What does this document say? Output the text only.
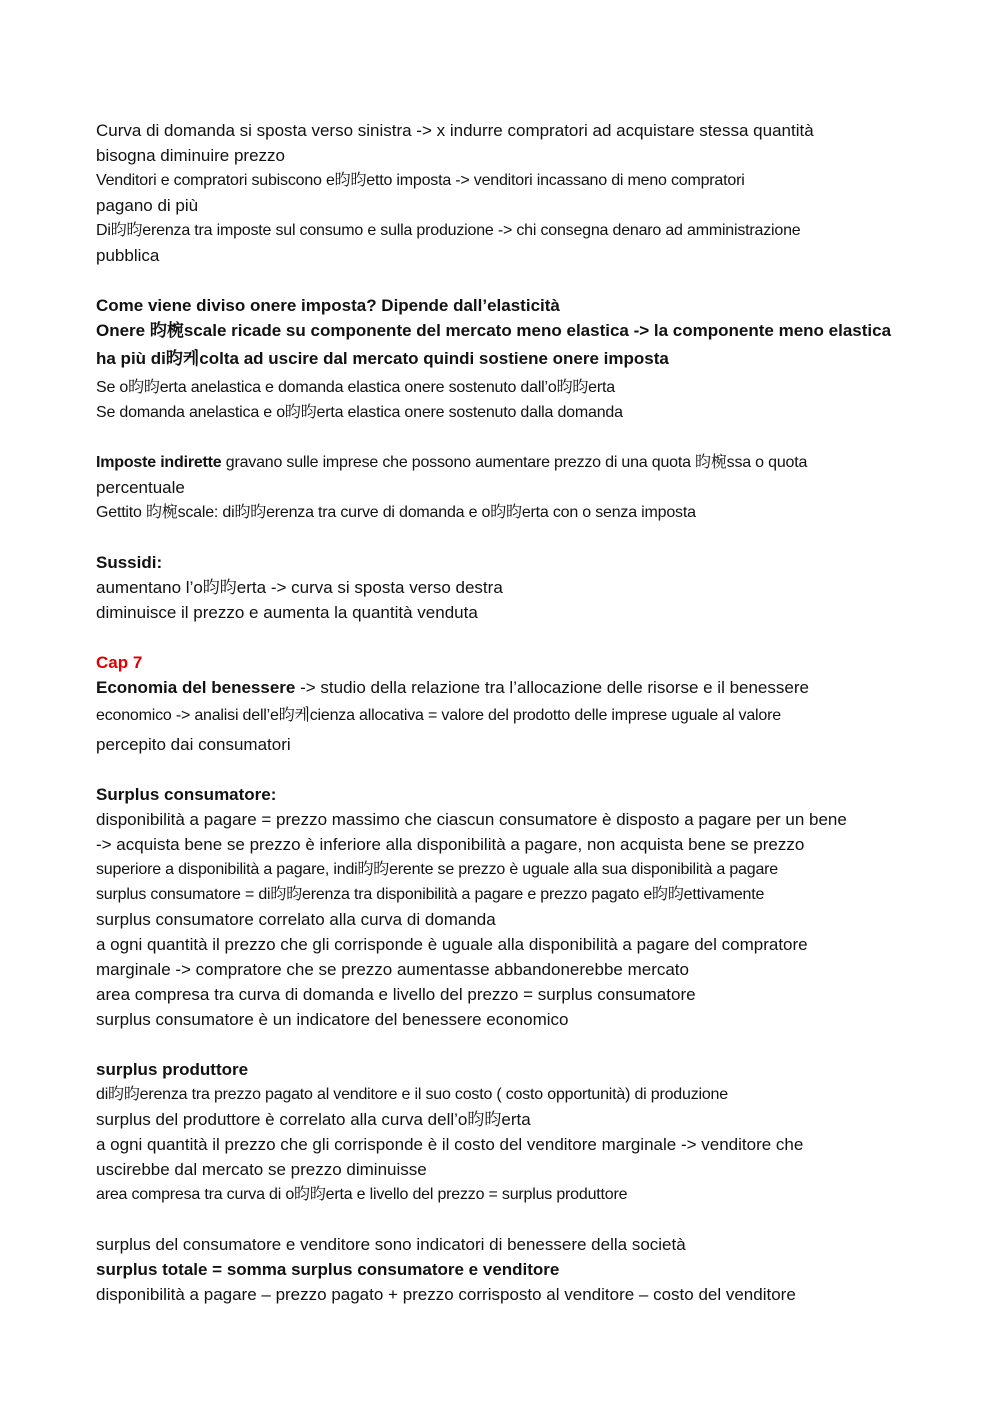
Curva di domanda si sposta verso sinistra -> x indurre compratori ad acquistare stessa quantità
bisogna diminuire prezzo
Venditori e compratori subiscono e昀昀etto imposta -> venditori incassano di meno compratori
pagano di più
Di昀昀erenza tra imposte sul consumo e sulla produzione -> chi consegna denaro ad amministrazione
pubblica
Come viene diviso onere imposta? Dipende dall’elasticità
Onere 昀椀scale ricade su componente del mercato meno elastica -> la componente meno elastica
ha più di昀케colta ad uscire dal mercato quindi sostiene onere imposta
Se o昀昀erta anelastica e domanda elastica onere sostenuto dall’o昀昀erta
Se domanda anelastica e o昀昀erta elastica onere sostenuto dalla domanda
Imposte indirette gravano sulle imprese che possono aumentare prezzo di una quota 昀椀ssa o quota
percentuale
Gettito 昀椀scale: di昀昀erenza tra curve di domanda e o昀昀erta con o senza imposta
Sussidi:
aumentano l’o昀昀erta -> curva si sposta verso destra
diminuisce il prezzo e aumenta la quantità venduta
Cap 7
Economia del benessere -> studio della relazione tra l’allocazione delle risorse e il benessere
economico -> analisi dell’e昀케cienza allocativa = valore del prodotto delle imprese uguale al valore
percepito dai consumatori
Surplus consumatore:
disponibilità a pagare = prezzo massimo che ciascun consumatore è disposto a pagare per un bene
-> acquista bene se prezzo è inferiore alla disponibilità a pagare, non acquista bene se prezzo
superiore a disponibilità a pagare, indi昀昀erente se prezzo è uguale alla sua disponibilità a pagare
surplus consumatore = di昀昀erenza tra disponibilità a pagare e prezzo pagato e昀昀ettivamente
surplus consumatore correlato alla curva di domanda
a ogni quantità il prezzo che gli corrisponde è uguale alla disponibilità a pagare del compratore
marginale -> compratore che se prezzo aumentasse abbandonerebbe mercato
area compresa tra curva di domanda e livello del prezzo = surplus consumatore
surplus consumatore è un indicatore del benessere economico
surplus produttore
di昀昀erenza tra prezzo pagato al venditore e il suo costo ( costo opportunità) di produzione
surplus del produttore è correlato alla curva dell’o昀昀erta
a ogni quantità il prezzo che gli corrisponde è il costo del venditore marginale -> venditore che
uscirebbe dal mercato se prezzo diminuisse
area compresa tra curva di o昀昀erta e livello del prezzo = surplus produttore
surplus del consumatore e venditore sono indicatori di benessere della società
surplus totale = somma surplus consumatore e venditore
disponibilità a pagare – prezzo pagato + prezzo corrisposto al venditore – costo del venditore
